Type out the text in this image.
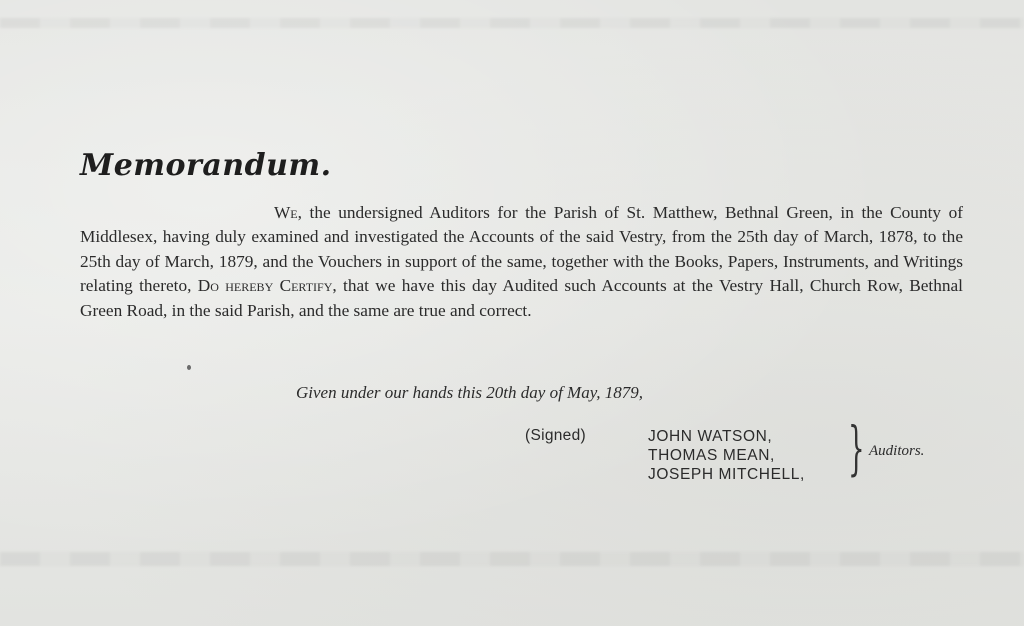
Memorandum.
We, the undersigned Auditors for the Parish of St. Matthew, Bethnal Green, in the County of Middlesex, having duly examined and investigated the Accounts of the said Vestry, from the 25th day of March, 1878, to the 25th day of March, 1879, and the Vouchers in support of the same, together with the Books, Papers, Instruments, and Writings relating thereto, Do hereby Certify, that we have this day Audited such Accounts at the Vestry Hall, Church Row, Bethnal Green Road, in the said Parish, and the same are true and correct.
Given under our hands this 20th day of May, 1879,
(Signed)	JOHN WATSON,
THOMAS MEAN,
JOSEPH MITCHELL, } Auditors.
